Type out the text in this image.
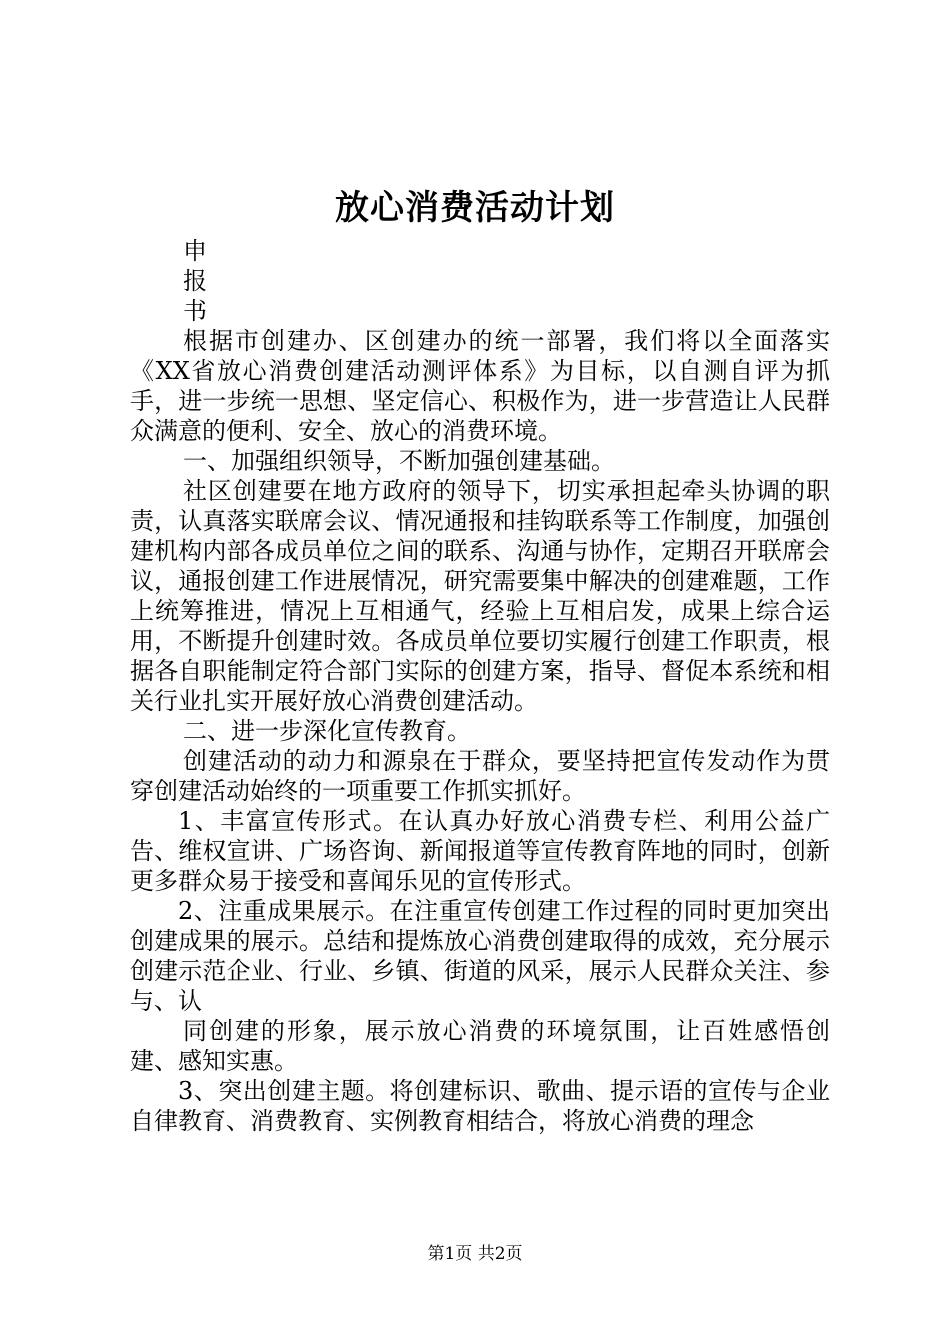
放心消费活动计划
申
报
书

根据市创建办、区创建办的统一部署，我们将以全面落实《XX省放心消费创建活动测评体系》为目标，以自测自评为抓手，进一步统一思想、坚定信心、积极作为，进一步营造让人民群众满意的便利、安全、放心的消费环境。

一、加强组织领导，不断加强创建基础。

社区创建要在地方政府的领导下，切实承担起牵头协调的职责，认真落实联席会议、情况通报和挂钩联系等工作制度，加强创建机构内部各成员单位之间的联系、沟通与协作，定期召开联席会议，通报创建工作进展情况，研究需要集中解决的创建难题，工作上统筹推进，情况上互相通气，经验上互相启发，成果上综合运用，不断提升创建时效。各成员单位要切实履行创建工作职责，根据各自职能制定符合部门实际的创建方案，指导、督促本系统和相关行业扎实开展好放心消费创建活动。

二、进一步深化宣传教育。

创建活动的动力和源泉在于群众，要坚持把宣传发动作为贯穿创建活动始终的一项重要工作抓实抓好。

1、丰富宣传形式。在认真办好放心消费专栏、利用公益广告、维权宣讲、广场咨询、新闻报道等宣传教育阵地的同时，创新更多群众易于接受和喜闻乐见的宣传形式。

2、注重成果展示。在注重宣传创建工作过程的同时更加突出创建成果的展示。总结和提炼放心消费创建取得的成效，充分展示创建示范企业、行业、乡镇、街道的风采，展示人民群众关注、参与、认

同创建的形象，展示放心消费的环境氛围，让百姓感悟创建、感知实惠。

3、突出创建主题。将创建标识、歌曲、提示语的宣传与企业自律教育、消费教育、实例教育相结合，将放心消费的理念

第1页 共2页
